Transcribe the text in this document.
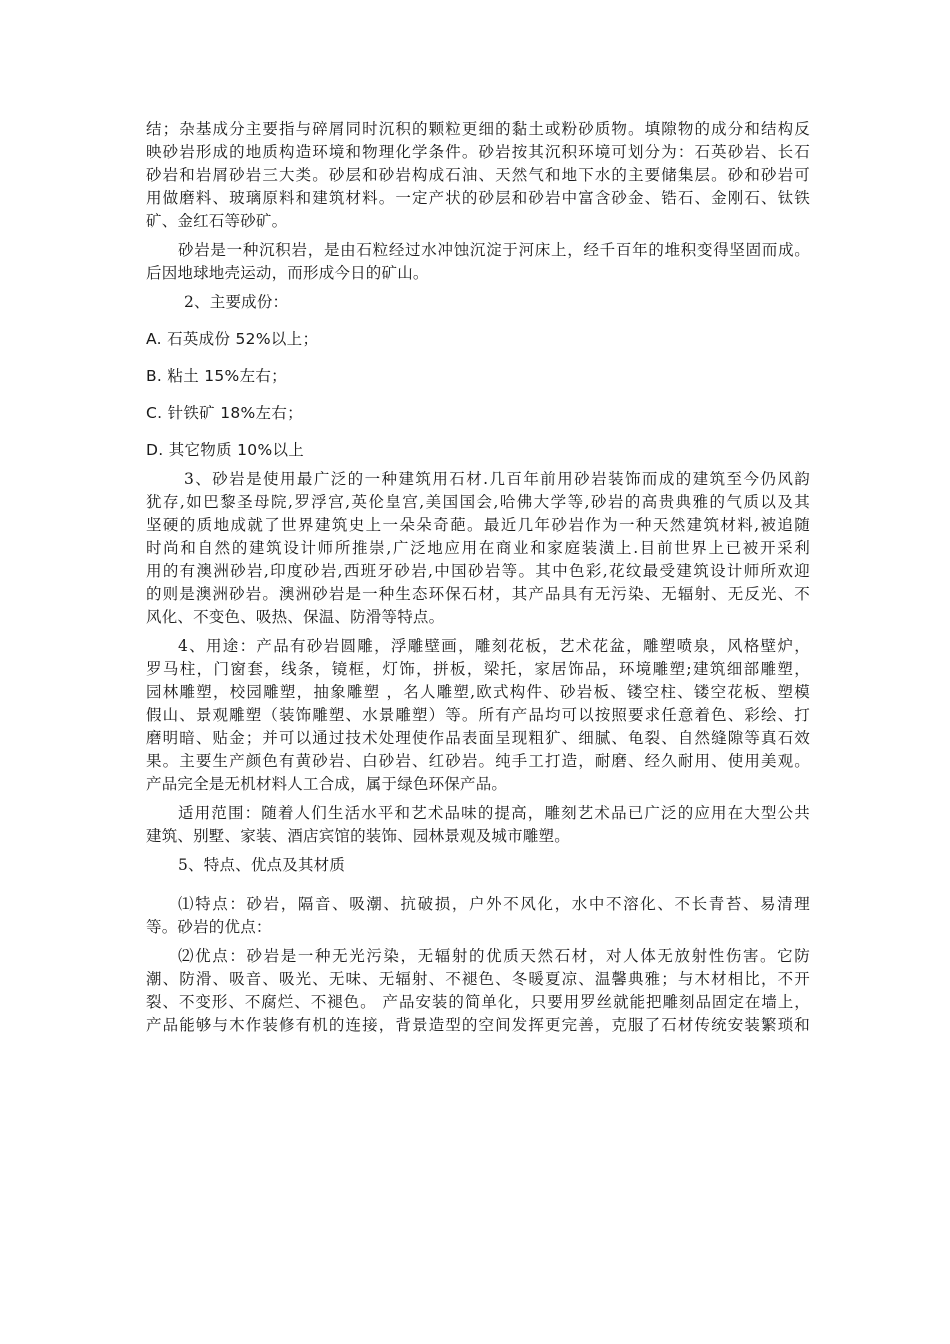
结；杂基成分主要指与碎屑同时沉积的颗粒更细的黏土或粉砂质物。填隙物的成分和结构反
映砂岩形成的地质构造环境和物理化学条件。砂岩按其沉积环境可划分为：石英砂岩、长石
砂岩和岩屑砂岩三大类。砂层和砂岩构成石油、天然气和地下水的主要储集层。砂和砂岩可
用做磨料、玻璃原料和建筑材料。一定产状的砂层和砂岩中富含砂金、锆石、金刚石、钛铁
矿、金红石等砂矿。
砂岩是一种沉积岩，是由石粒经过水冲蚀沉淀于河床上，经千百年的堆积变得坚固而成。
后因地球地壳运动，而形成今日的矿山。
2、主要成份：
A. 石英成份 52%以上；
B. 粘土 15%左右；
C. 针铁矿 18%左右；
D. 其它物质 10%以上
3、砂岩是使用最广泛的一种建筑用石材.几百年前用砂岩装饰而成的建筑至今仍风韵
犹存,如巴黎圣母院,罗浮宫,英伦皇宫,美国国会,哈佛大学等,砂岩的高贵典雅的气质以及其
坚硬的质地成就了世界建筑史上一朵朵奇葩。最近几年砂岩作为一种天然建筑材料,被追随
时尚和自然的建筑设计师所推崇,广泛地应用在商业和家庭装潢上.目前世界上已被开采利
用的有澳洲砂岩,印度砂岩,西班牙砂岩,中国砂岩等。其中色彩,花纹最受建筑设计师所欢迎
的则是澳洲砂岩。澳洲砂岩是一种生态环保石材，其产品具有无污染、无辐射、无反光、不
风化、不变色、吸热、保温、防滑等特点。
4、用途：产品有砂岩圆雕，浮雕壁画，雕刻花板，艺术花盆，雕塑喷泉，风格壁炉，
罗马柱，门窗套，线条，镜框，灯饰，拼板，梁托，家居饰品，环境雕塑;建筑细部雕塑，
园林雕塑，校园雕塑，抽象雕塑 ，名人雕塑,欧式构件、砂岩板、镂空柱、镂空花板、塑模
假山、景观雕塑（装饰雕塑、水景雕塑）等。所有产品均可以按照要求任意着色、彩绘、打
磨明暗、贴金；并可以通过技术处理使作品表面呈现粗犷、细腻、龟裂、自然缝隙等真石效
果。主要生产颜色有黄砂岩、白砂岩、红砂岩。纯手工打造，耐磨、经久耐用、使用美观。
产品完全是无机材料人工合成，属于绿色环保产品。
适用范围：随着人们生活水平和艺术品味的提高，雕刻艺术品已广泛的应用在大型公共
建筑、别墅、家装、酒店宾馆的装饰、园林景观及城市雕塑。
5、特点、优点及其材质
⑴特点：砂岩，隔音、吸潮、抗破损，户外不风化，水中不溶化、不长青苔、易清理
等。砂岩的优点：
⑵优点：砂岩是一种无光污染，无辐射的优质天然石材，对人体无放射性伤害。它防
潮、防滑、吸音、吸光、无味、无辐射、不褪色、冬暖夏凉、温馨典雅；与木材相比，不开
裂、不变形、不腐烂、不褪色。 产品安装的简单化，只要用罗丝就能把雕刻品固定在墙上，
产品能够与木作装修有机的连接，背景造型的空间发挥更完善，克服了石材传统安装繁琐和
